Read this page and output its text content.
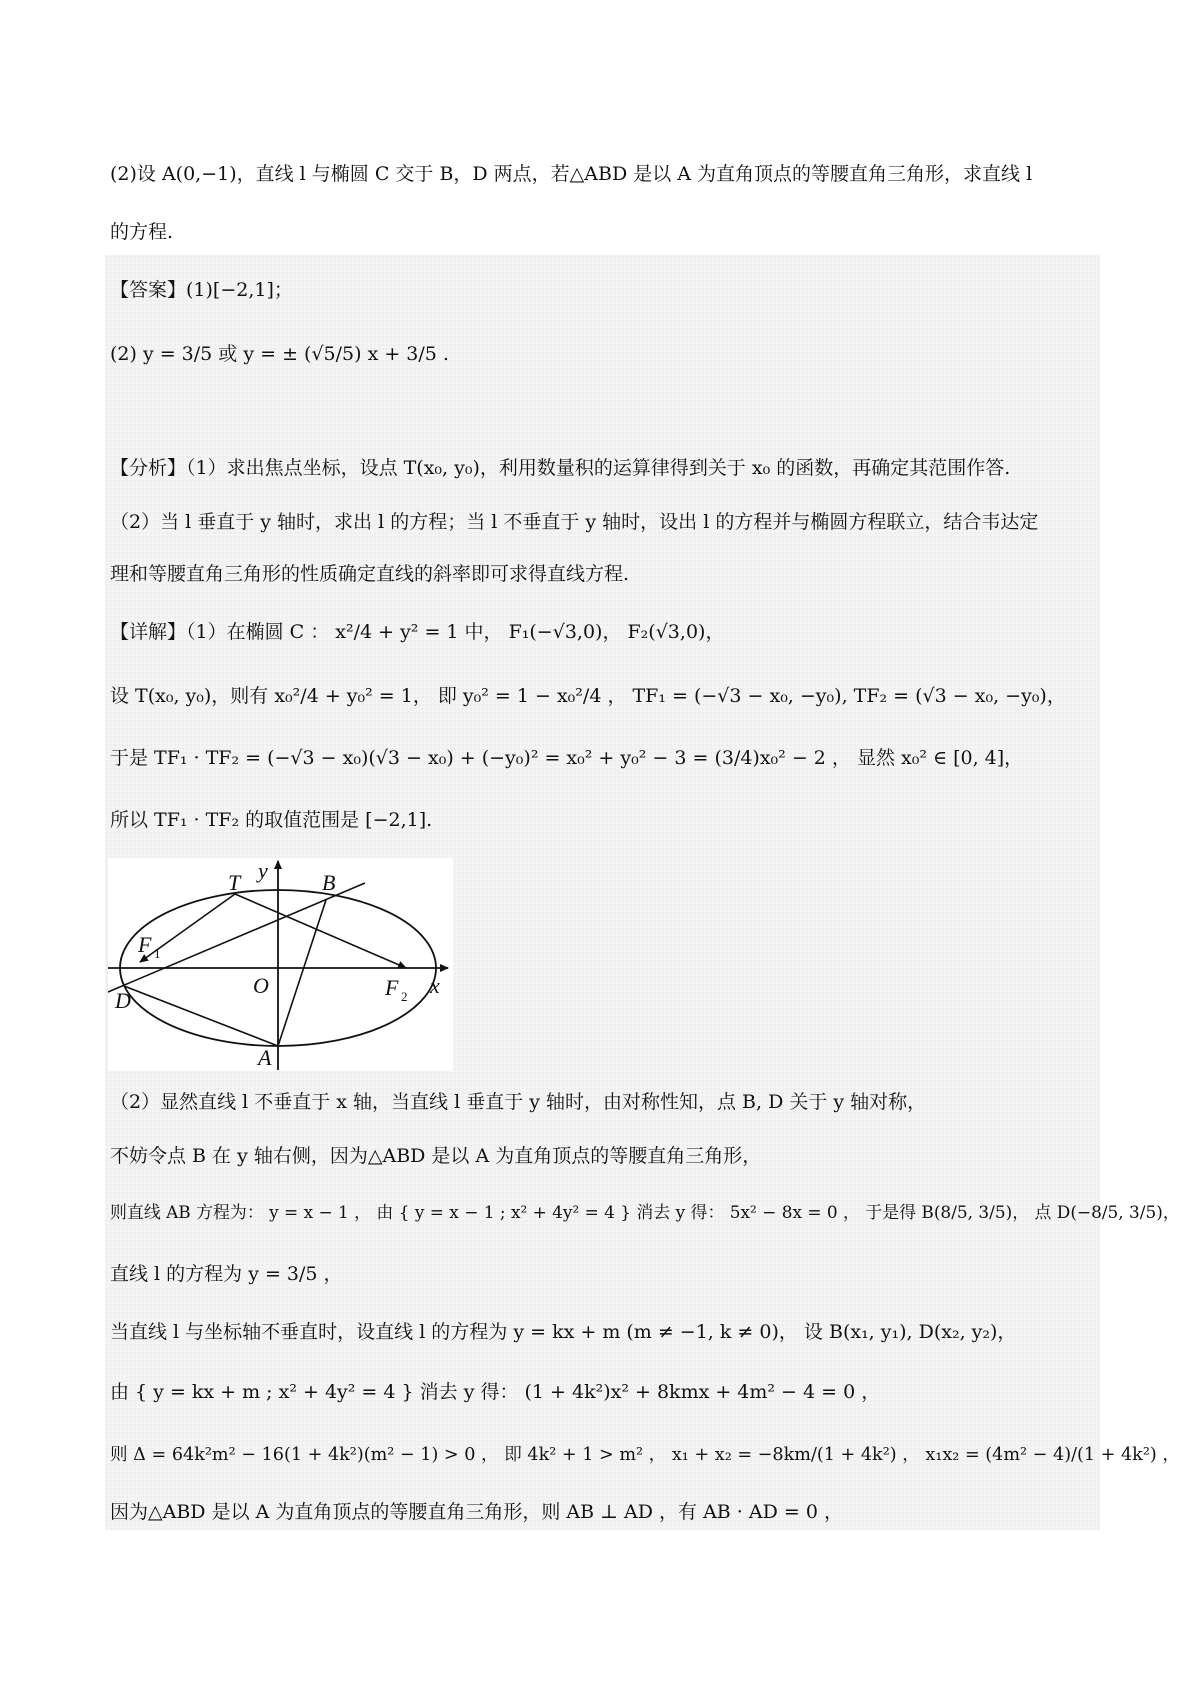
(2)设 A(0,−1)，直线 l 与椭圆 C 交于 B，D 两点，若△ABD 是以 A 为直角顶点的等腰直角三角形，求直线 l
的方程.
【答案】(1)[−2,1]；
(2) y = 3/5 或 y = ± (√5/5) x + 3/5 .
【分析】（1）求出焦点坐标，设点 T(x₀, y₀)，利用数量积的运算律得到关于 x₀ 的函数，再确定其范围作答.
（2）当 l 垂直于 y 轴时，求出 l 的方程；当 l 不垂直于 y 轴时，设出 l 的方程并与椭圆方程联立，结合韦达定
理和等腰直角三角形的性质确定直线的斜率即可求得直线方程.
【详解】（1）在椭圆 C ： x²/4 + y² = 1 中， F₁(−√3,0)， F₂(√3,0)，
设 T(x₀, y₀)，则有 x₀²/4 + y₀² = 1， 即 y₀² = 1 − x₀²/4 ， TF₁ = (−√3 − x₀, −y₀), TF₂ = (√3 − x₀, −y₀)，
于是 TF₁ · TF₂ = (−√3 − x₀)(√3 − x₀) + (−y₀)² = x₀² + y₀² − 3 = (3/4)x₀² − 2 ， 显然 x₀² ∈ [0, 4]，
所以 TF₁ · TF₂ 的取值范围是 [−2,1].
y
x
T	B
F 1
O	F 2
D
A
（2）显然直线 l 不垂直于 x 轴，当直线 l 垂直于 y 轴时，由对称性知，点 B, D 关于 y 轴对称，
不妨令点 B 在 y 轴右侧，因为△ABD 是以 A 为直角顶点的等腰直角三角形，
则直线 AB 方程为： y = x − 1 ， 由 { y = x − 1 ; x² + 4y² = 4 } 消去 y 得： 5x² − 8x = 0 ， 于是得 B(8/5, 3/5)， 点 D(−8/5, 3/5)，
直线 l 的方程为 y = 3/5 ，
当直线 l 与坐标轴不垂直时，设直线 l 的方程为 y = kx + m (m ≠ −1, k ≠ 0)， 设 B(x₁, y₁), D(x₂, y₂)，
由 { y = kx + m ; x² + 4y² = 4 } 消去 y 得： (1 + 4k²)x² + 8kmx + 4m² − 4 = 0 ，
则 Δ = 64k²m² − 16(1 + 4k²)(m² − 1) > 0 ， 即 4k² + 1 > m² ， x₁ + x₂ = −8km/(1 + 4k²) ， x₁x₂ = (4m² − 4)/(1 + 4k²) ，
因为△ABD 是以 A 为直角顶点的等腰直角三角形，则 AB ⊥ AD ，有 AB · AD = 0 ，
